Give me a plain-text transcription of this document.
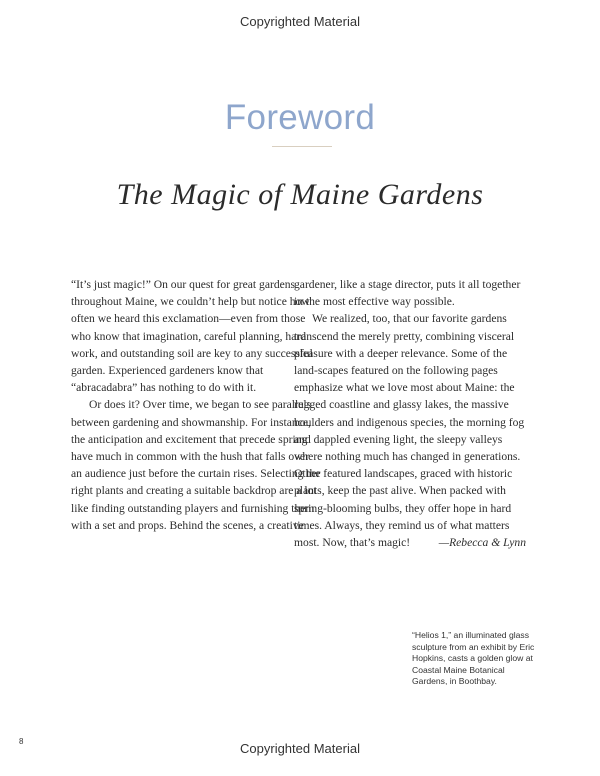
Copyrighted Material
Foreword
The Magic of Maine Gardens

“It’s just magic!” On our quest for great gardens throughout Maine, we couldn’t help but notice how often we heard this exclamation—even from those who know that imagination, careful planning, hard work, and outstanding soil are key to any successful garden. Experienced gardeners know that “abracadabra” has nothing to do with it.

Or does it? Over time, we began to see parallels between gardening and showmanship. For instance, the anticipation and excitement that precede spring have much in common with the hush that falls over an audience just before the curtain rises. Selecting the right plants and creating a suitable backdrop are a lot like finding outstanding players and furnishing them with a set and props. Behind the scenes, a creative

gardener, like a stage director, puts it all together in the most effective way possible.

We realized, too, that our favorite gardens transcend the merely pretty, combining visceral pleasure with a deeper relevance. Some of the land-scapes featured on the following pages emphasize what we love most about Maine: the rugged coastline and glassy lakes, the massive boulders and indigenous species, the morning fog and dappled evening light, the sleepy valleys where nothing much has changed in generations. Other featured landscapes, graced with historic plants, keep the past alive. When packed with spring-blooming bulbs, they offer hope in hard times. Always, they remind us of what matters most. Now, that’s magic!	—Rebecca & Lynn

“Helios 1,” an illuminated glass sculpture from an exhibit by Eric Hopkins, casts a golden glow at Coastal Maine Botanical Gardens, in Boothbay.
8	Copyrighted Material
